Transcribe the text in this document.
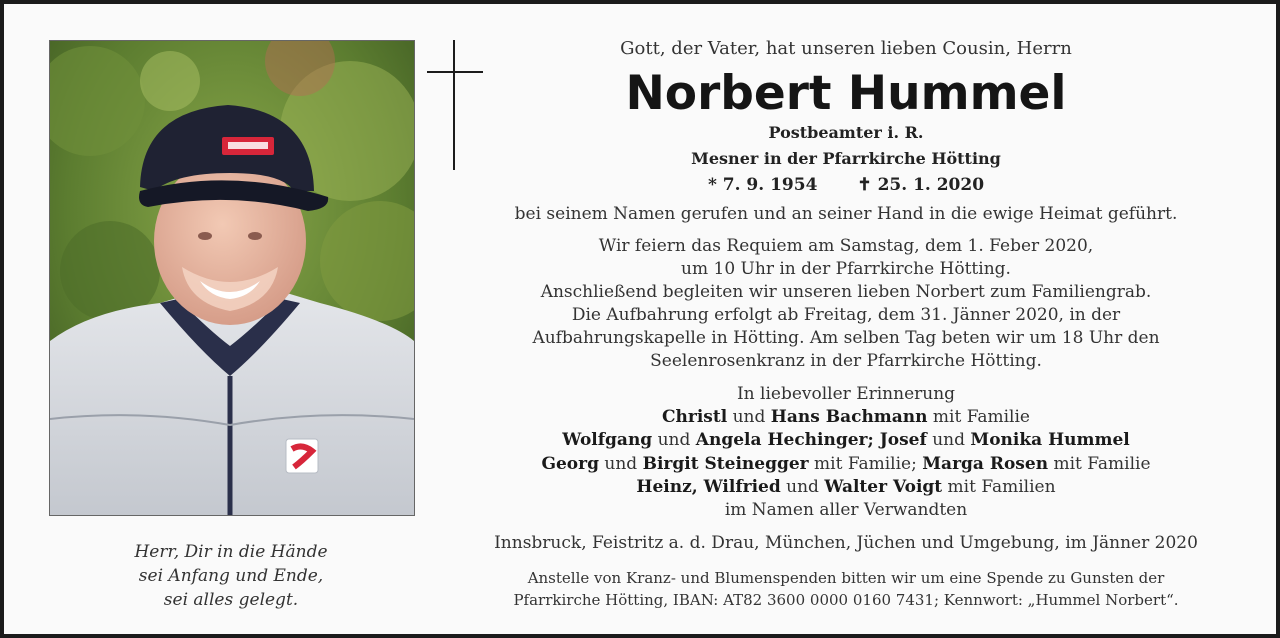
Herr, Dir in die Hände
sei Anfang und Ende,
sei alles gelegt.
Gott, der Vater, hat unseren lieben Cousin, Herrn
Norbert Hummel
Postbeamter i. R.
Mesner in der Pfarrkirche Hötting
* 7. 9. 1954 ✝ 25. 1. 2020
bei seinem Namen gerufen und an seiner Hand in die ewige Heimat geführt.
Wir feiern das Requiem am Samstag, dem 1. Feber 2020,
um 10 Uhr in der Pfarrkirche Hötting.
Anschließend begleiten wir unseren lieben Norbert zum Familiengrab.
Die Aufbahrung erfolgt ab Freitag, dem 31. Jänner 2020, in der
Aufbahrungskapelle in Hötting. Am selben Tag beten wir um 18 Uhr den
Seelenrosenkranz in der Pfarrkirche Hötting.
In liebevoller Erinnerung
Christl und Hans Bachmann mit Familie
Wolfgang und Angela Hechinger; Josef und Monika Hummel
Georg und Birgit Steinegger mit Familie; Marga Rosen mit Familie
Heinz, Wilfried und Walter Voigt mit Familien
im Namen aller Verwandten
Innsbruck, Feistritz a. d. Drau, München, Jüchen und Umgebung, im Jänner 2020
Anstelle von Kranz- und Blumenspenden bitten wir um eine Spende zu Gunsten der
Pfarrkirche Hötting, IBAN: AT82 3600 0000 0160 7431; Kennwort: „Hummel Norbert“.
